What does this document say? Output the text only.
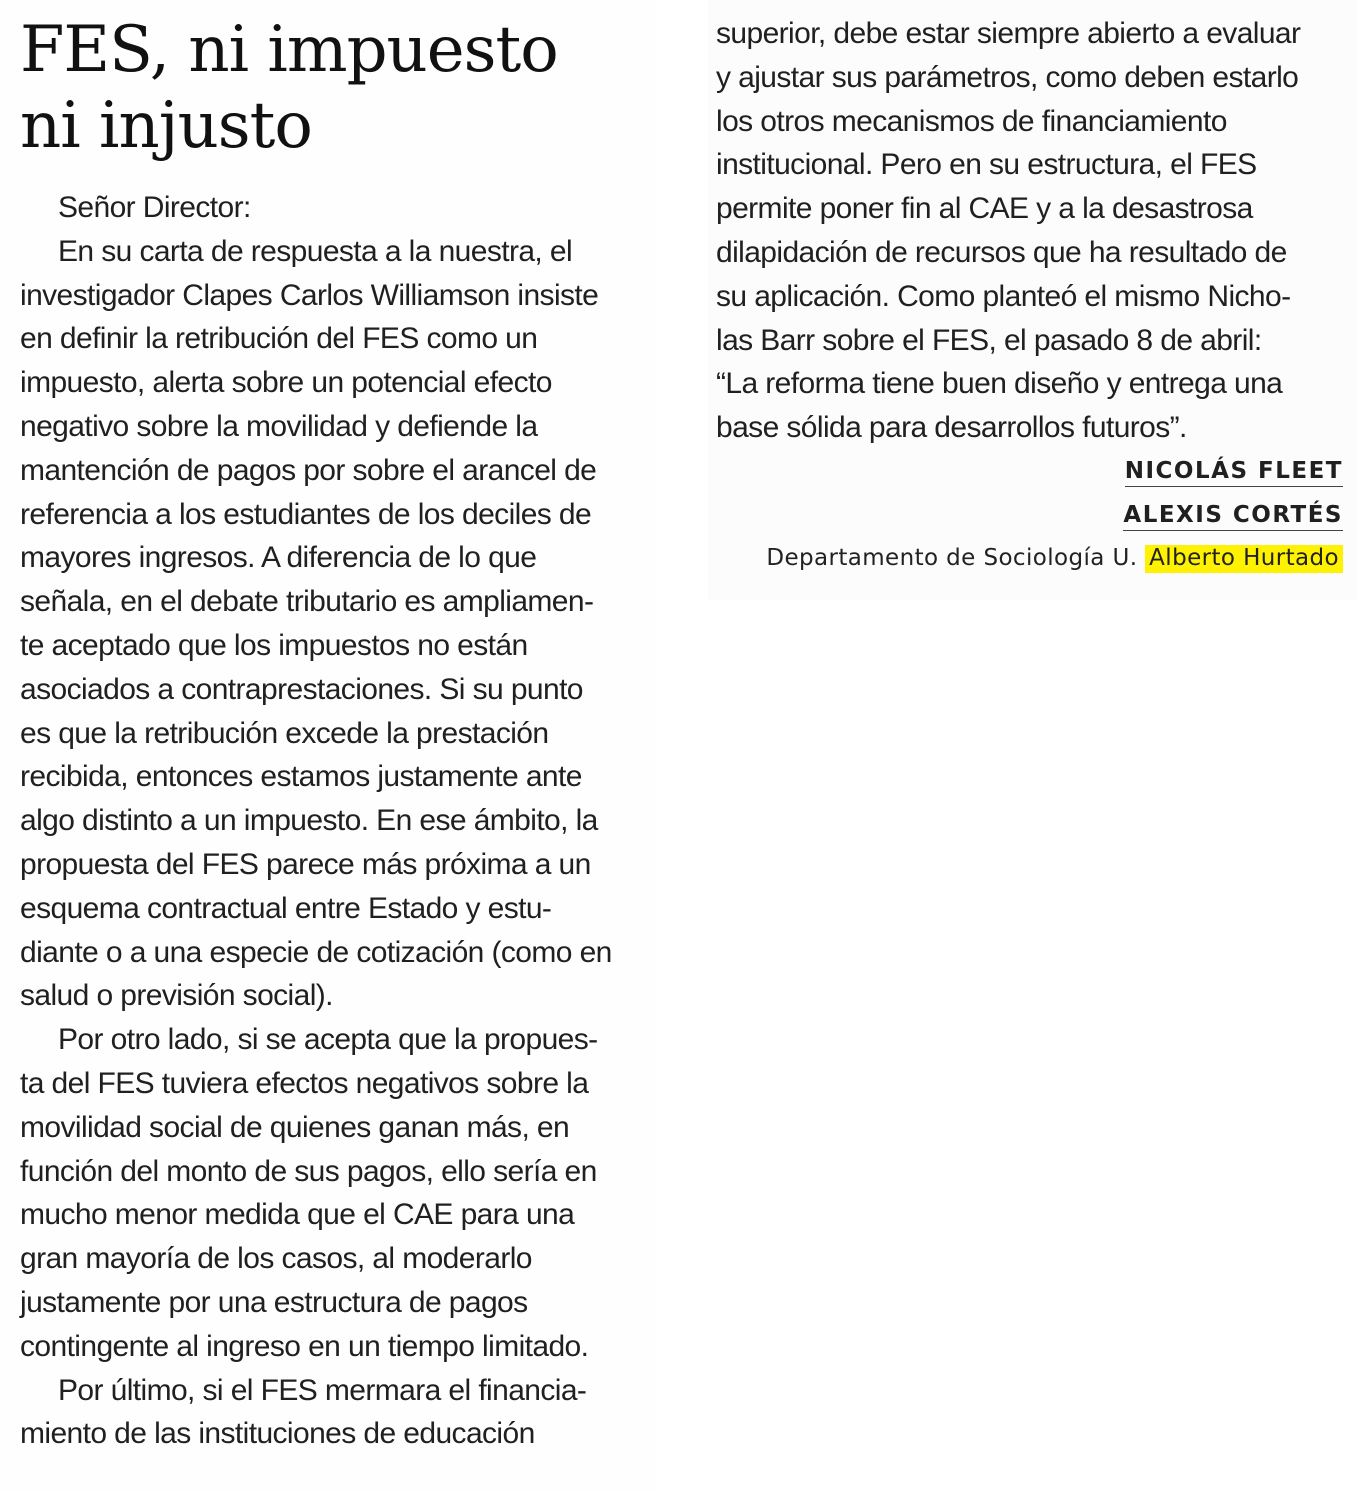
FES, ni impuesto
ni injusto
Señor Director:
En su carta de respuesta a la nuestra, el
investigador Clapes Carlos Williamson insiste
en definir la retribución del FES como un
impuesto, alerta sobre un potencial efecto
negativo sobre la movilidad y defiende la
mantención de pagos por sobre el arancel de
referencia a los estudiantes de los deciles de
mayores ingresos. A diferencia de lo que
señala, en el debate tributario es ampliamen-
te aceptado que los impuestos no están
asociados a contraprestaciones. Si su punto
es que la retribución excede la prestación
recibida, entonces estamos justamente ante
algo distinto a un impuesto. En ese ámbito, la
propuesta del FES parece más próxima a un
esquema contractual entre Estado y estu-
diante o a una especie de cotización (como en
salud o previsión social).
Por otro lado, si se acepta que la propues-
ta del FES tuviera efectos negativos sobre la
movilidad social de quienes ganan más, en
función del monto de sus pagos, ello sería en
mucho menor medida que el CAE para una
gran mayoría de los casos, al moderarlo
justamente por una estructura de pagos
contingente al ingreso en un tiempo limitado.
Por último, si el FES mermara el financia-
miento de las instituciones de educación
superior, debe estar siempre abierto a evaluar
y ajustar sus parámetros, como deben estarlo
los otros mecanismos de financiamiento
institucional. Pero en su estructura, el FES
permite poner fin al CAE y a la desastrosa
dilapidación de recursos que ha resultado de
su aplicación. Como planteó el mismo Nicho-
las Barr sobre el FES, el pasado 8 de abril:
“La reforma tiene buen diseño y entrega una
base sólida para desarrollos futuros”.
NICOLÁS FLEET
ALEXIS CORTÉS
Departamento de Sociología U. Alberto Hurtado
